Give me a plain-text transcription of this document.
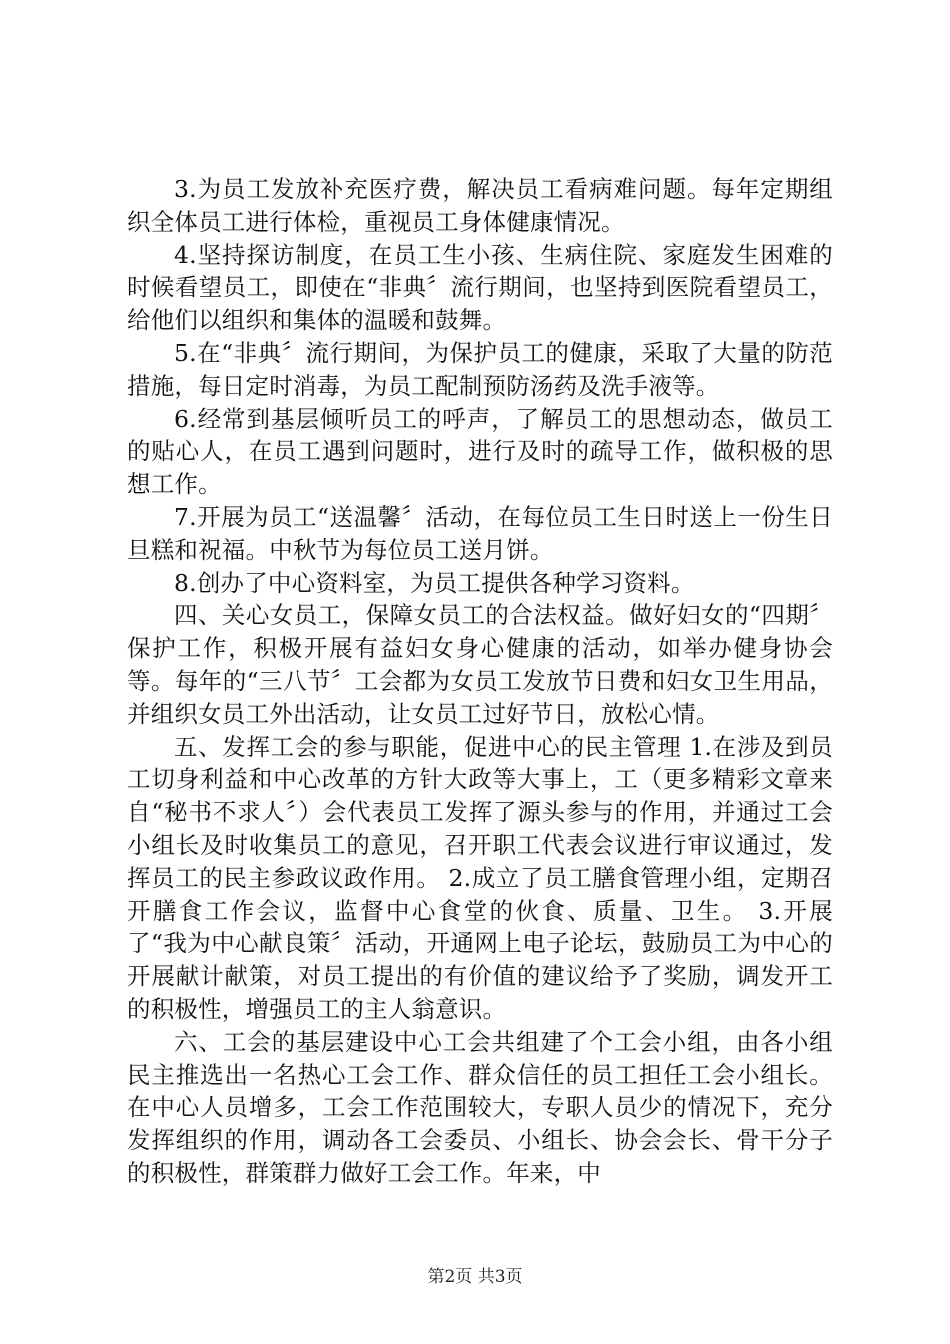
3.为员工发放补充医疗费，解决员工看病难问题。每年定期组织全体员工进行体检，重视员工身体健康情况。

4.坚持探访制度，在员工生小孩、生病住院、家庭发生困难的时候看望员工，即使在“非典〞流行期间，也坚持到医院看望员工，给他们以组织和集体的温暖和鼓舞。

5.在“非典〞流行期间，为保护员工的健康，采取了大量的防范措施，每日定时消毒，为员工配制预防汤药及洗手液等。

6.经常到基层倾听员工的呼声，了解员工的思想动态，做员工的贴心人，在员工遇到问题时，进行及时的疏导工作，做积极的思想工作。

7.开展为员工“送温馨〞活动，在每位员工生日时送上一份生日旦糕和祝福。中秋节为每位员工送月饼。

8.创办了中心资料室，为员工提供各种学习资料。

四、关心女员工，保障女员工的合法权益。做好妇女的“四期〞保护工作，积极开展有益妇女身心健康的活动，如举办健身协会等。每年的“三八节〞工会都为女员工发放节日费和妇女卫生用品，并组织女员工外出活动，让女员工过好节日，放松心情。

五、发挥工会的参与职能，促进中心的民主管理 1.在涉及到员工切身利益和中心改革的方针大政等大事上，工（更多精彩文章来自“秘书不求人〞）会代表员工发挥了源头参与的作用，并通过工会小组长及时收集员工的意见，召开职工代表会议进行审议通过，发挥员工的民主参政议政作用。 2.成立了员工膳食管理小组，定期召开膳食工作会议，监督中心食堂的伙食、质量、卫生。 3.开展了“我为中心献良策〞活动，开通网上电子论坛，鼓励员工为中心的开展献计献策，对员工提出的有价值的建议给予了奖励，调发开工的积极性，增强员工的主人翁意识。

六、工会的基层建设中心工会共组建了个工会小组，由各小组民主推选出一名热心工会工作、群众信任的员工担任工会小组长。在中心人员增多，工会工作范围较大，专职人员少的情况下，充分发挥组织的作用，调动各工会委员、小组长、协会会长、骨干分子的积极性，群策群力做好工会工作。年来，中

第2页 共3页
